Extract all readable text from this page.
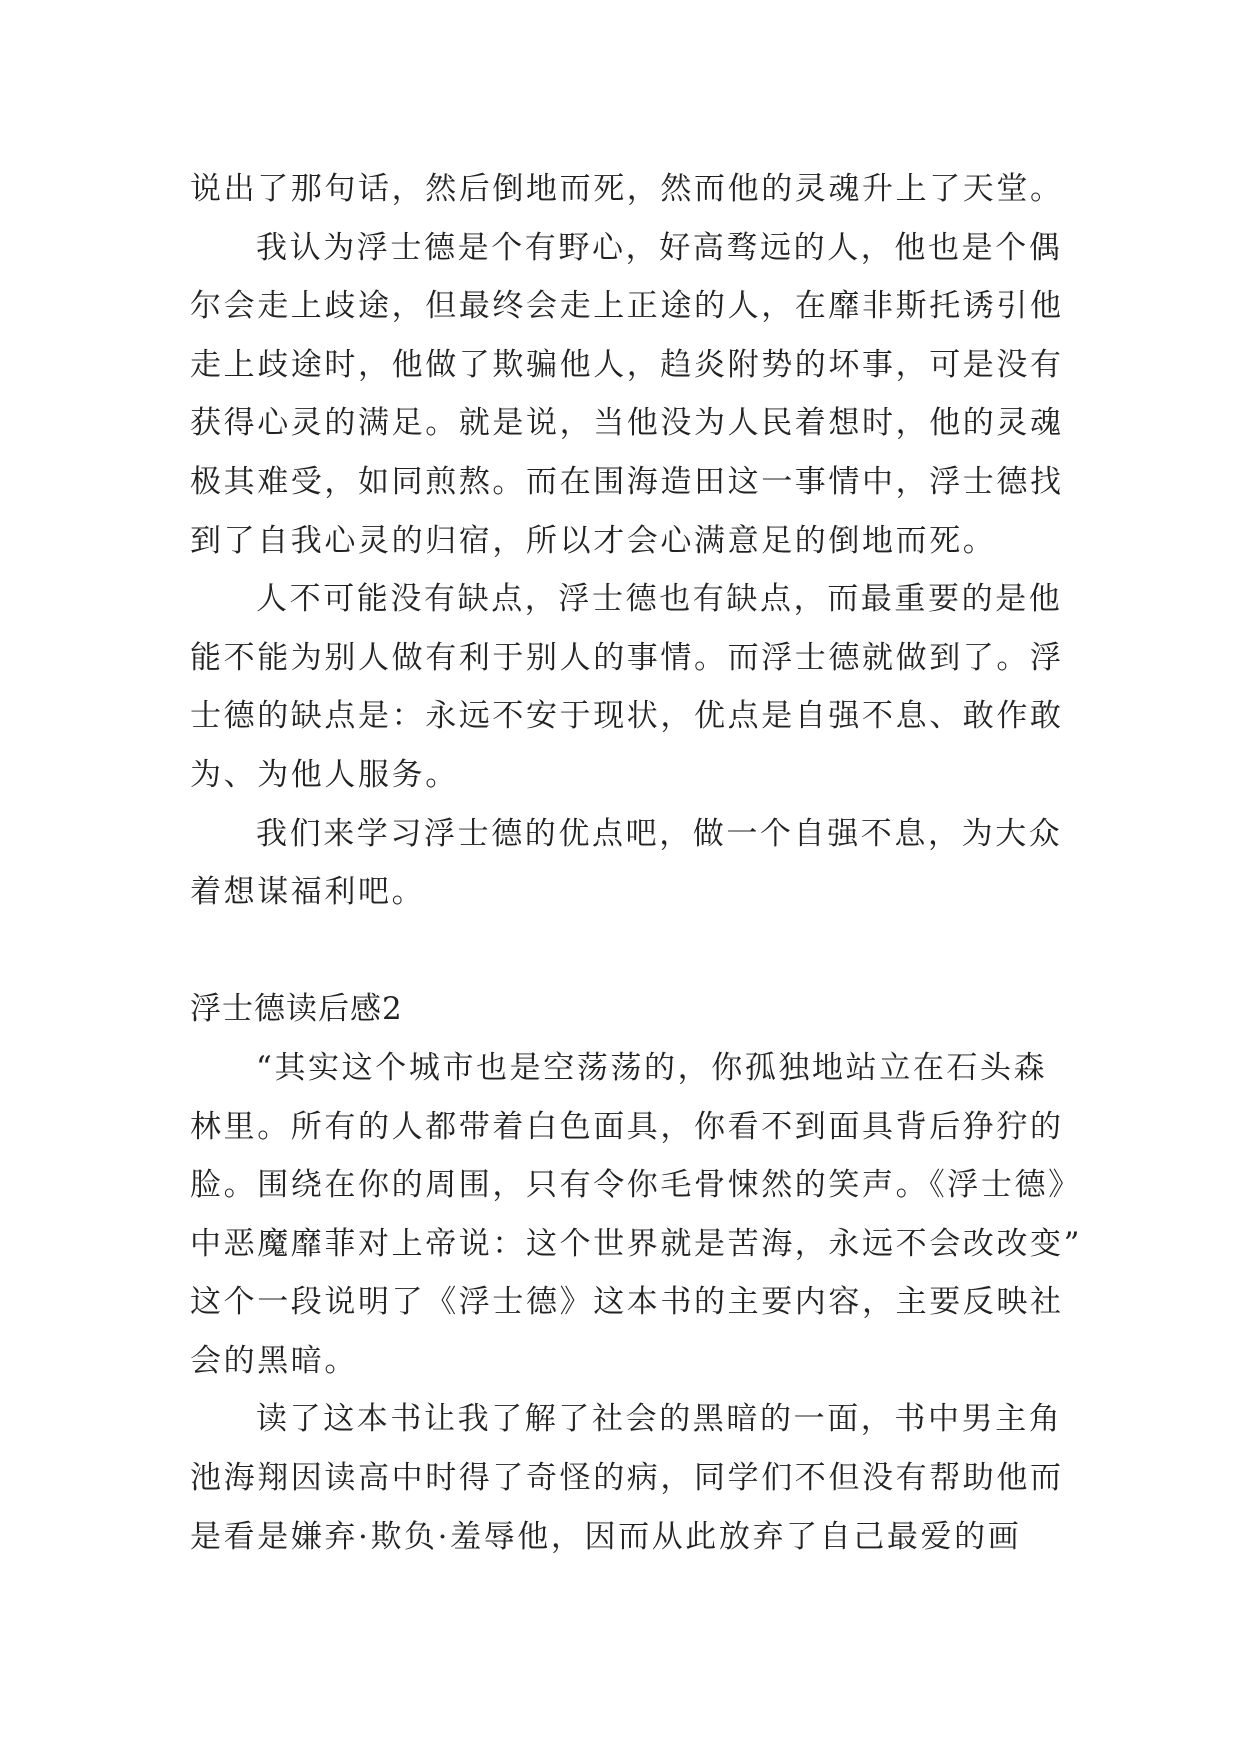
说出了那句话，然后倒地而死，然而他的灵魂升上了天堂。
我认为浮士德是个有野心，好高骛远的人，他也是个偶
尔会走上歧途，但最终会走上正途的人，在靡非斯托诱引他
走上歧途时，他做了欺骗他人，趋炎附势的坏事，可是没有
获得心灵的满足。就是说，当他没为人民着想时，他的灵魂
极其难受，如同煎熬。而在围海造田这一事情中，浮士德找
到了自我心灵的归宿，所以才会心满意足的倒地而死。
人不可能没有缺点，浮士德也有缺点，而最重要的是他
能不能为别人做有利于别人的事情。而浮士德就做到了。浮
士德的缺点是：永远不安于现状，优点是自强不息、敢作敢
为、为他人服务。
我们来学习浮士德的优点吧，做一个自强不息，为大众
着想谋福利吧。
浮士德读后感2
“其实这个城市也是空荡荡的，你孤独地站立在石头森
林里。所有的人都带着白色面具，你看不到面具背后狰狞的
脸。围绕在你的周围，只有令你毛骨悚然的笑声。《浮士德》
中恶魔靡菲对上帝说：这个世界就是苦海，永远不会改改变”
这个一段说明了《浮士德》这本书的主要内容，主要反映社
会的黑暗。
读了这本书让我了解了社会的黑暗的一面，书中男主角
池海翔因读高中时得了奇怪的病，同学们不但没有帮助他而
是看是嫌弃·欺负·羞辱他，因而从此放弃了自己最爱的画
